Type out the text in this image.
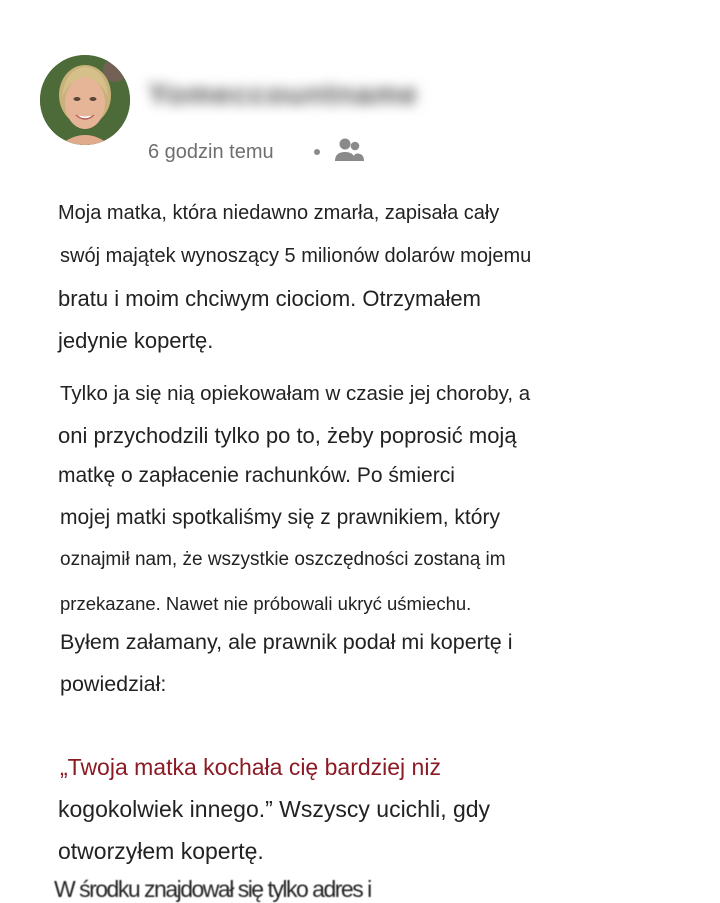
Yomeccountname
6 godzin temu
Moja matka, która niedawno zmarła, zapisała cały
swój majątek wynoszący 5 milionów dolarów mojemu
bratu i moim chciwym ciociom. Otrzymałem
jedynie kopertę.
Tylko ja się nią opiekowałam w czasie jej choroby, a
oni przychodzili tylko po to, żeby poprosić moją
matkę o zapłacenie rachunków. Po śmierci
mojej matki spotkaliśmy się z prawnikiem, który
oznajmił nam, że wszystkie oszczędności zostaną im
przekazane. Nawet nie próbowali ukryć uśmiechu.
Byłem załamany, ale prawnik podał mi kopertę i
powiedział:
„Twoja matka kochała cię bardziej niż
kogokolwiek innego.” Wszyscy ucichli, gdy
otworzyłem kopertę.
W środku znajdował się tylko adres i
